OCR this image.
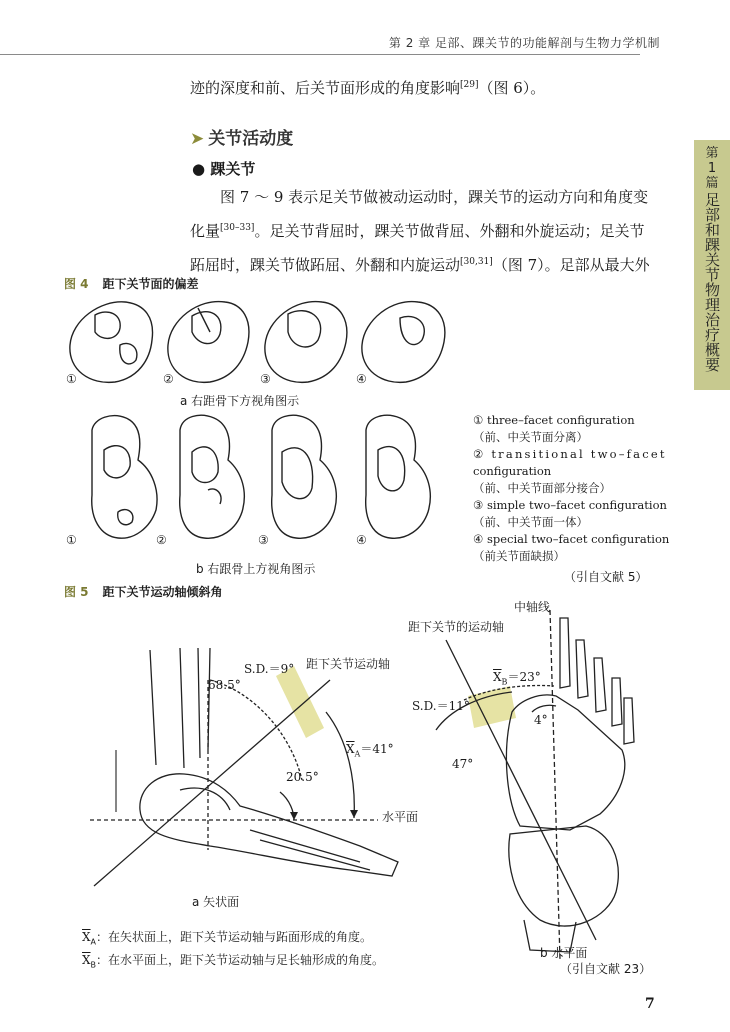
第 2 章 足部、踝关节的功能解剖与生物力学机制
第
1
篇
足部和踝关节物理治疗概要
迹的深度和前、后关节面形成的角度影响[29]（图 6）。
➤ 关节活动度
● 踝关节
图 7 ～ 9 表示足关节做被动运动时，踝关节的运动方向和角度变
化量[30–33]。足关节背屈时，踝关节做背屈、外翻和外旋运动；足关节
跖屈时，踝关节做跖屈、外翻和内旋运动[30,31]（图 7）。足部从最大外
图 4 距下关节面的偏差
①	②	③	④
a 右距骨下方视角图示
①	②	③	④
b 右跟骨上方视角图示
① three–facet configuration
（前、中关节面分离）
② transitional two–facet
configuration
（前、中关节面部分接合）
③ simple two–facet configuration
（前、中关节面一体）
④ special two–facet configuration
（前关节面缺损）
（引自文献 5）
图 5 距下关节运动轴倾斜角
S.D.＝9° 距下关节运动轴
68.5°
$\overline{X}_A=41^\circ$
20.5°
水平面
a 矢状面
中轴线
距下关节的运动轴
$\overline{X}_B=23^\circ$
S.D.＝11°
4°
47°
b 水平面
（引自文献 23）
$\overline{X}_A$：在矢状面上，距下关节运动轴与跖面形成的角度。
$\overline{X}_B$：在水平面上，距下关节运动轴与足长轴形成的角度。
7
